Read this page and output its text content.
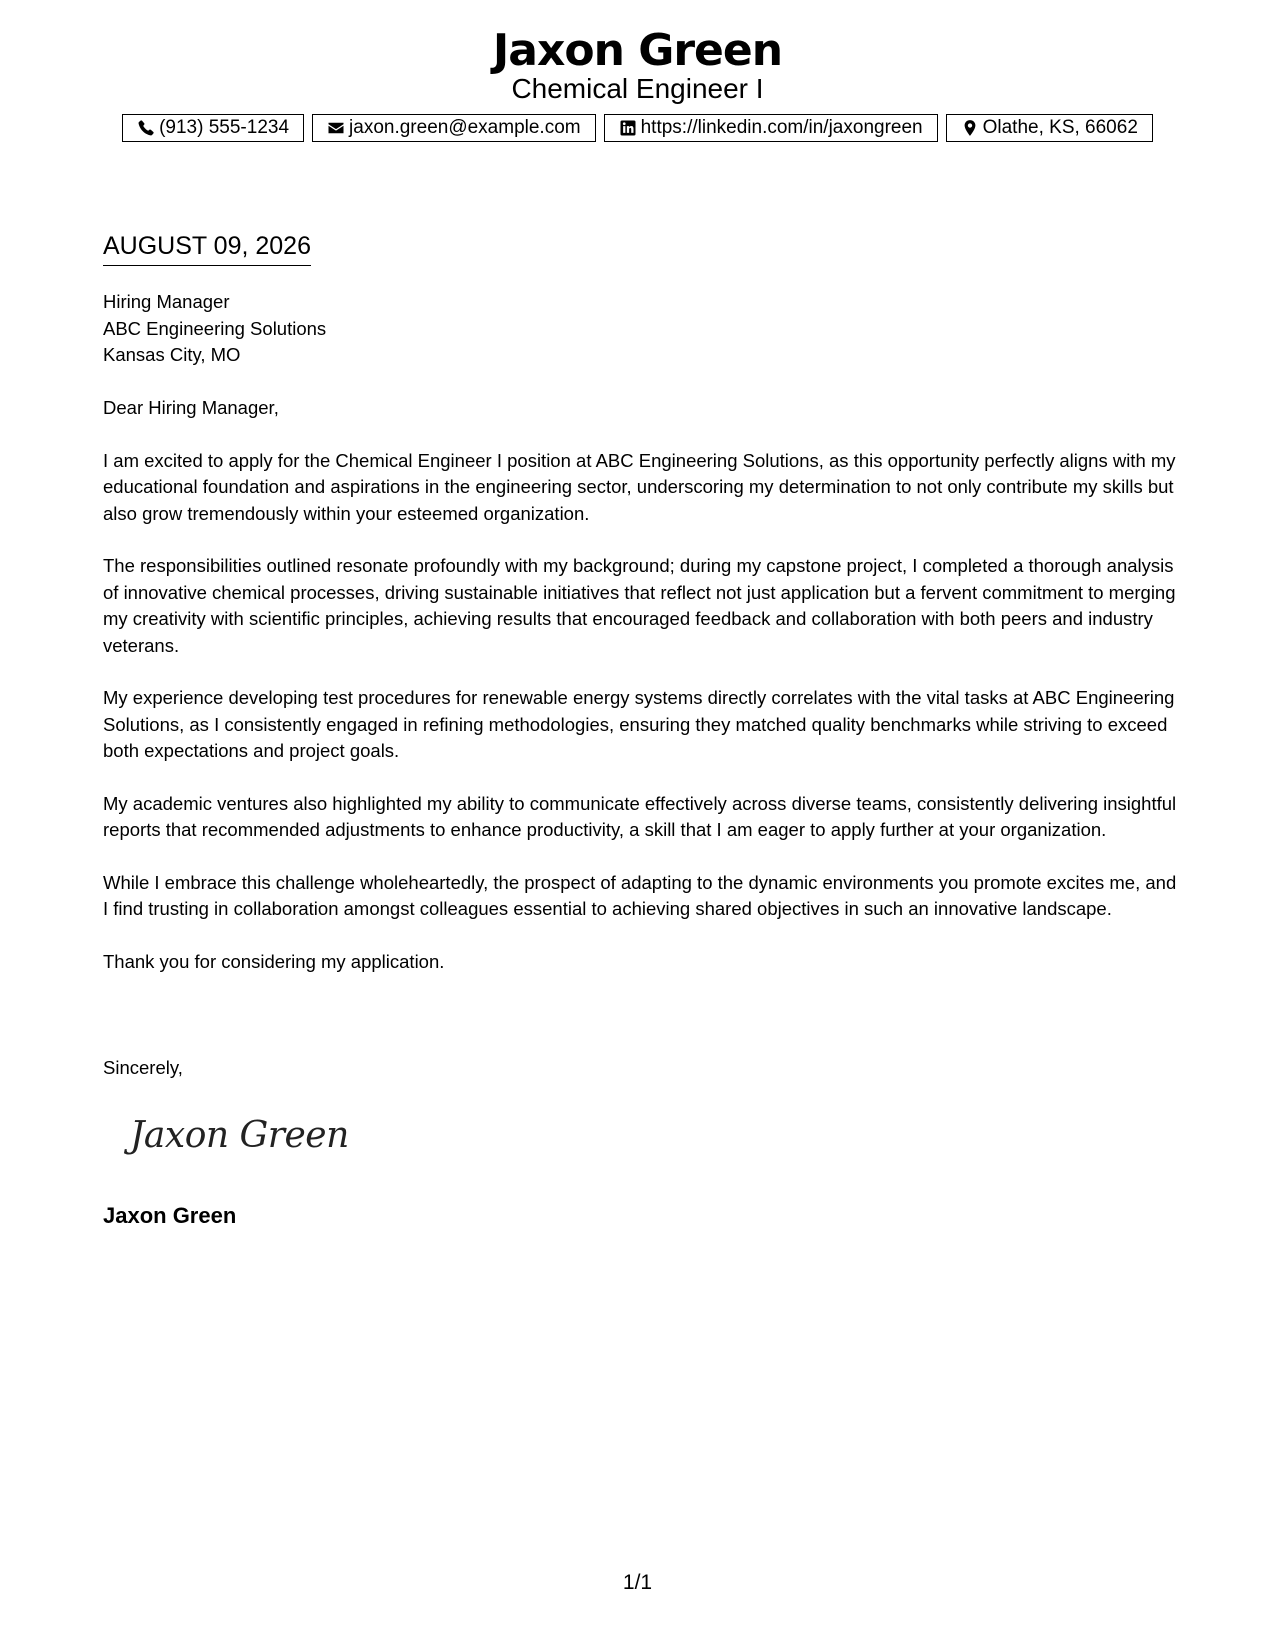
Jaxon Green
Chemical Engineer I
(913) 555-1234	jaxon.green@example.com	https://linkedin.com/in/jaxongreen	Olathe, KS, 66062
AUGUST 09, 2026
Hiring Manager
ABC Engineering Solutions
Kansas City, MO

Dear Hiring Manager,

I am excited to apply for the Chemical Engineer I position at ABC Engineering Solutions, as this opportunity perfectly aligns with my educational foundation and aspirations in the engineering sector, underscoring my determination to not only contribute my skills but also grow tremendously within your esteemed organization.

The responsibilities outlined resonate profoundly with my background; during my capstone project, I completed a thorough analysis of innovative chemical processes, driving sustainable initiatives that reflect not just application but a fervent commitment to merging my creativity with scientific principles, achieving results that encouraged feedback and collaboration with both peers and industry veterans.

My experience developing test procedures for renewable energy systems directly correlates with the vital tasks at ABC Engineering Solutions, as I consistently engaged in refining methodologies, ensuring they matched quality benchmarks while striving to exceed both expectations and project goals.

My academic ventures also highlighted my ability to communicate effectively across diverse teams, consistently delivering insightful reports that recommended adjustments to enhance productivity, a skill that I am eager to apply further at your organization.

While I embrace this challenge wholeheartedly, the prospect of adapting to the dynamic environments you promote excites me, and I find trusting in collaboration amongst colleagues essential to achieving shared objectives in such an innovative landscape.

Thank you for considering my application.

Sincerely,
Jaxon Green
Jaxon Green
1/1
